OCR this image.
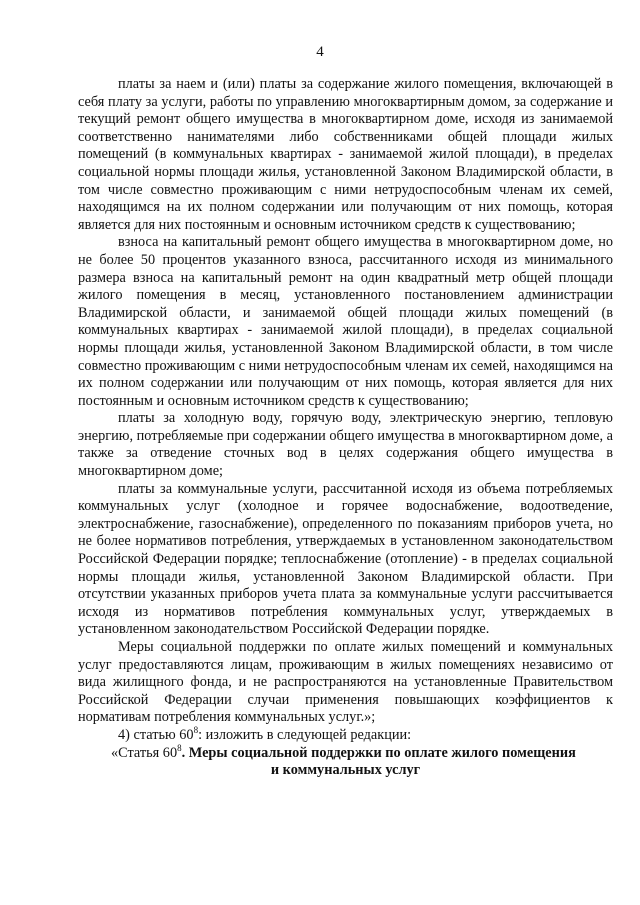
4

платы за наем и (или) платы за содержание жилого помещения, включающей в себя плату за услуги, работы по управлению многоквартирным домом, за содержание и текущий ремонт общего имущества в многоквартирном доме, исходя из занимаемой соответственно нанимателями либо собственниками общей площади жилых помещений (в коммунальных квартирах - занимаемой жилой площади), в пределах социальной нормы площади жилья, установленной Законом Владимирской области, в том числе совместно проживающим с ними нетрудоспособным членам их семей, находящимся на их полном содержании или получающим от них помощь, которая является для них постоянным и основным источником средств к существованию;

взноса на капитальный ремонт общего имущества в многоквартирном доме, но не более 50 процентов указанного взноса, рассчитанного исходя из минимального размера взноса на капитальный ремонт на один квадратный метр общей площади жилого помещения в месяц, установленного постановлением администрации Владимирской области, и занимаемой общей площади жилых помещений (в коммунальных квартирах - занимаемой жилой площади), в пределах социальной нормы площади жилья, установленной Законом Владимирской области, в том числе совместно проживающим с ними нетрудоспособным членам их семей, находящимся на их полном содержании или получающим от них помощь, которая является для них постоянным и основным источником средств к существованию;

платы за холодную воду, горячую воду, электрическую энергию, тепловую энергию, потребляемые при содержании общего имущества в многоквартирном доме, а также за отведение сточных вод в целях содержания общего имущества в многоквартирном доме;

платы за коммунальные услуги, рассчитанной исходя из объема потребляемых коммунальных услуг (холодное и горячее водоснабжение, водоотведение, электроснабжение, газоснабжение), определенного по показаниям приборов учета, но не более нормативов потребления, утверждаемых в установленном законодательством Российской Федерации порядке; теплоснабжение (отопление) - в пределах социальной нормы площади жилья, установленной Законом Владимирской области. При отсутствии указанных приборов учета плата за коммунальные услуги рассчитывается исходя из нормативов потребления коммунальных услуг, утверждаемых в установленном законодательством Российской Федерации порядке.

Меры социальной поддержки по оплате жилых помещений и коммунальных услуг предоставляются лицам, проживающим в жилых помещениях независимо от вида жилищного фонда, и не распространяются на установленные Правительством Российской Федерации случаи применения повышающих коэффициентов к нормативам потребления коммунальных услуг.»;

4) статью $60^8$: изложить в следующей редакции:

«Статья $60^8$. Меры социальной поддержки по оплате жилого помещения

и коммунальных услуг
